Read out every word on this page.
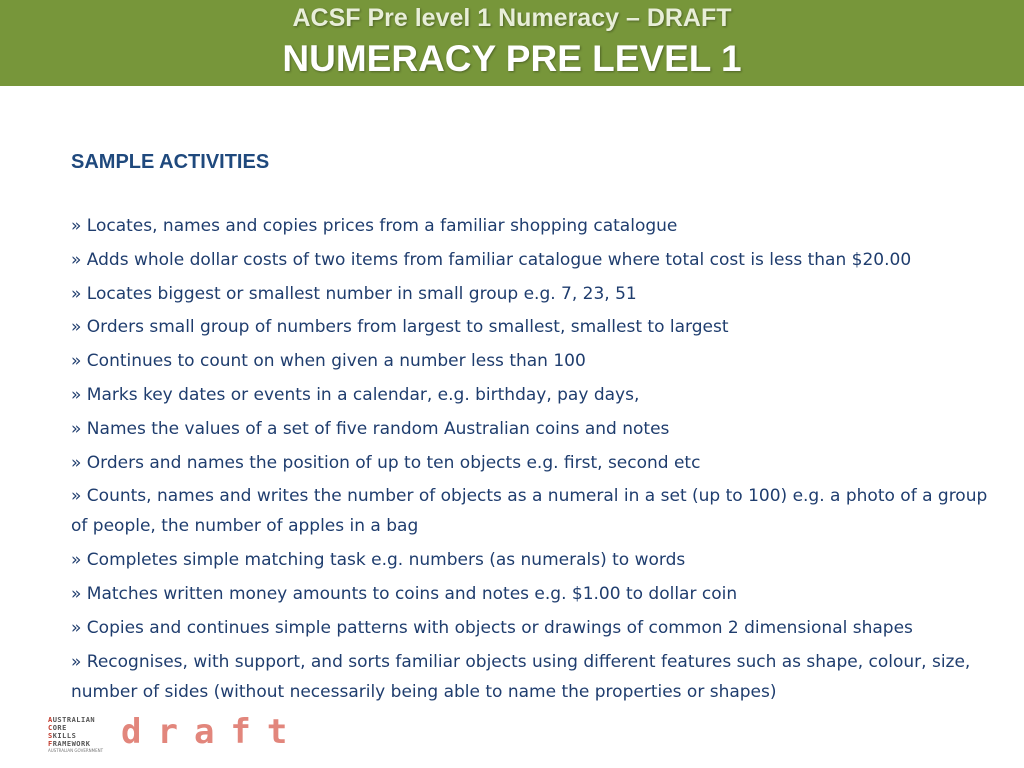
ACSF Pre level 1 Numeracy – DRAFT
NUMERACY PRE LEVEL 1
SAMPLE ACTIVITIES
» Locates, names and copies prices from a familiar shopping catalogue
» Adds whole dollar costs of two items from familiar catalogue where total cost is less than $20.00
» Locates biggest or smallest number in small group e.g. 7, 23, 51
» Orders small group of numbers from largest to smallest, smallest to largest
» Continues to count on when given a number less than 100
» Marks key dates or events in a calendar, e.g. birthday, pay days,
» Names the values of a set of five random Australian coins and notes
» Orders and names the position of up to ten objects e.g. first, second etc
» Counts, names and writes the number of objects as a numeral in a set (up to 100) e.g. a photo of a group of people, the number of apples in a bag
» Completes simple matching task e.g. numbers (as numerals) to words
» Matches written money amounts to coins and notes e.g. $1.00 to dollar coin
» Copies and continues simple patterns with objects or drawings of common 2 dimensional shapes
» Recognises, with support, and sorts familiar objects using different features such as shape, colour, size, number of sides (without necessarily being able to name the properties or shapes)
AUSTRALIAN
CORE
SKILLS
FRAMEWORK
AUSTRALIAN GOVERNMENT draft
